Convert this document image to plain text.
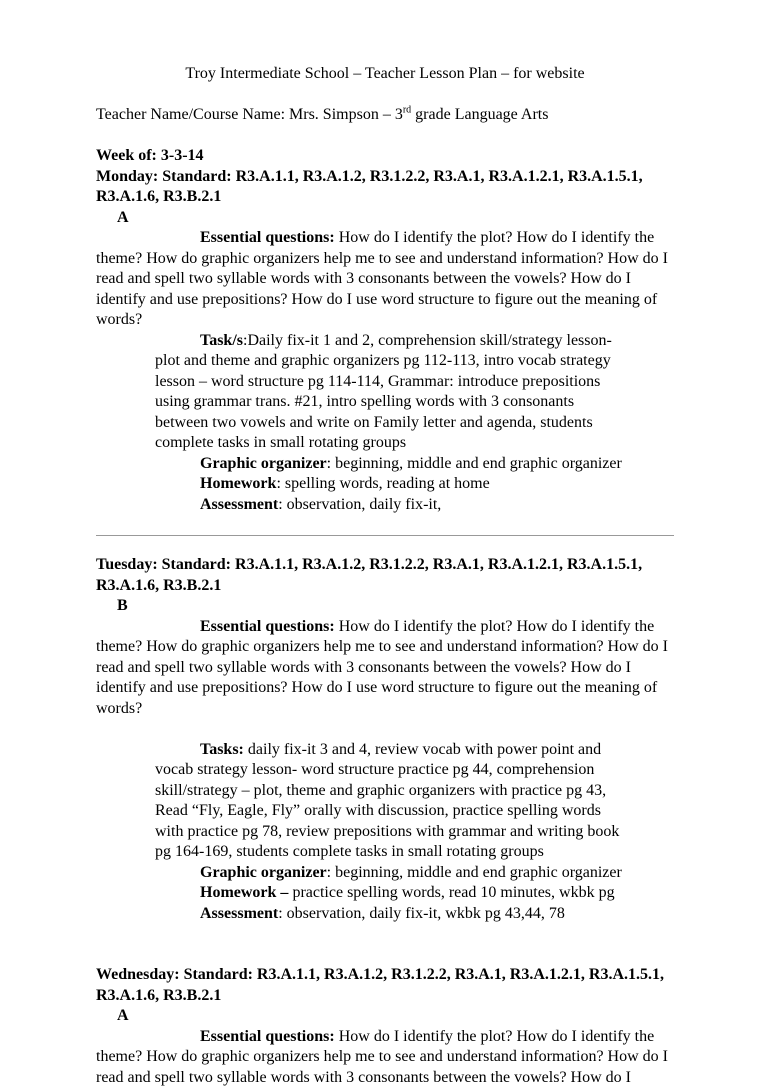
Troy Intermediate School – Teacher Lesson Plan – for website

Teacher Name/Course Name: Mrs. Simpson – 3rd grade Language Arts

Week of: 3-3-14

Monday: Standard: R3.A.1.1, R3.A.1.2, R3.1.2.2, R3.A.1, R3.A.1.2.1, R3.A.1.5.1, R3.A.1.6, R3.B.2.1

A

Essential questions: How do I identify the plot? How do I identify the theme? How do graphic organizers help me to see and understand information? How do I read and spell two syllable words with 3 consonants between the vowels? How do I identify and use prepositions? How do I use word structure to figure out the meaning of words?

Task/s:Daily fix-it 1 and 2, comprehension skill/strategy lesson- plot and theme and graphic organizers pg 112-113, intro vocab strategy lesson – word structure pg 114-114, Grammar: introduce prepositions using grammar trans. #21, intro spelling words with 3 consonants between two vowels and write on Family letter and agenda, students complete tasks in small rotating groups

Graphic organizer: beginning, middle and end graphic organizer

Homework: spelling words, reading at home

Assessment: observation, daily fix-it,

Tuesday: Standard: R3.A.1.1, R3.A.1.2, R3.1.2.2, R3.A.1, R3.A.1.2.1, R3.A.1.5.1, R3.A.1.6, R3.B.2.1

B

Essential questions: How do I identify the plot? How do I identify the theme? How do graphic organizers help me to see and understand information? How do I read and spell two syllable words with 3 consonants between the vowels? How do I identify and use prepositions? How do I use word structure to figure out the meaning of words?

Tasks: daily fix-it 3 and 4, review vocab with power point and vocab strategy lesson- word structure practice pg 44, comprehension skill/strategy – plot, theme and graphic organizers with practice pg 43, Read “Fly, Eagle, Fly” orally with discussion, practice spelling words with practice pg 78, review prepositions with grammar and writing book pg 164-169, students complete tasks in small rotating groups

Graphic organizer: beginning, middle and end graphic organizer

Homework – practice spelling words, read 10 minutes, wkbk pg

Assessment: observation, daily fix-it, wkbk pg 43,44, 78

Wednesday: Standard: R3.A.1.1, R3.A.1.2, R3.1.2.2, R3.A.1, R3.A.1.2.1, R3.A.1.5.1, R3.A.1.6, R3.B.2.1

A

Essential questions: How do I identify the plot? How do I identify the theme? How do graphic organizers help me to see and understand information? How do I read and spell two syllable words with 3 consonants between the vowels? How do I
